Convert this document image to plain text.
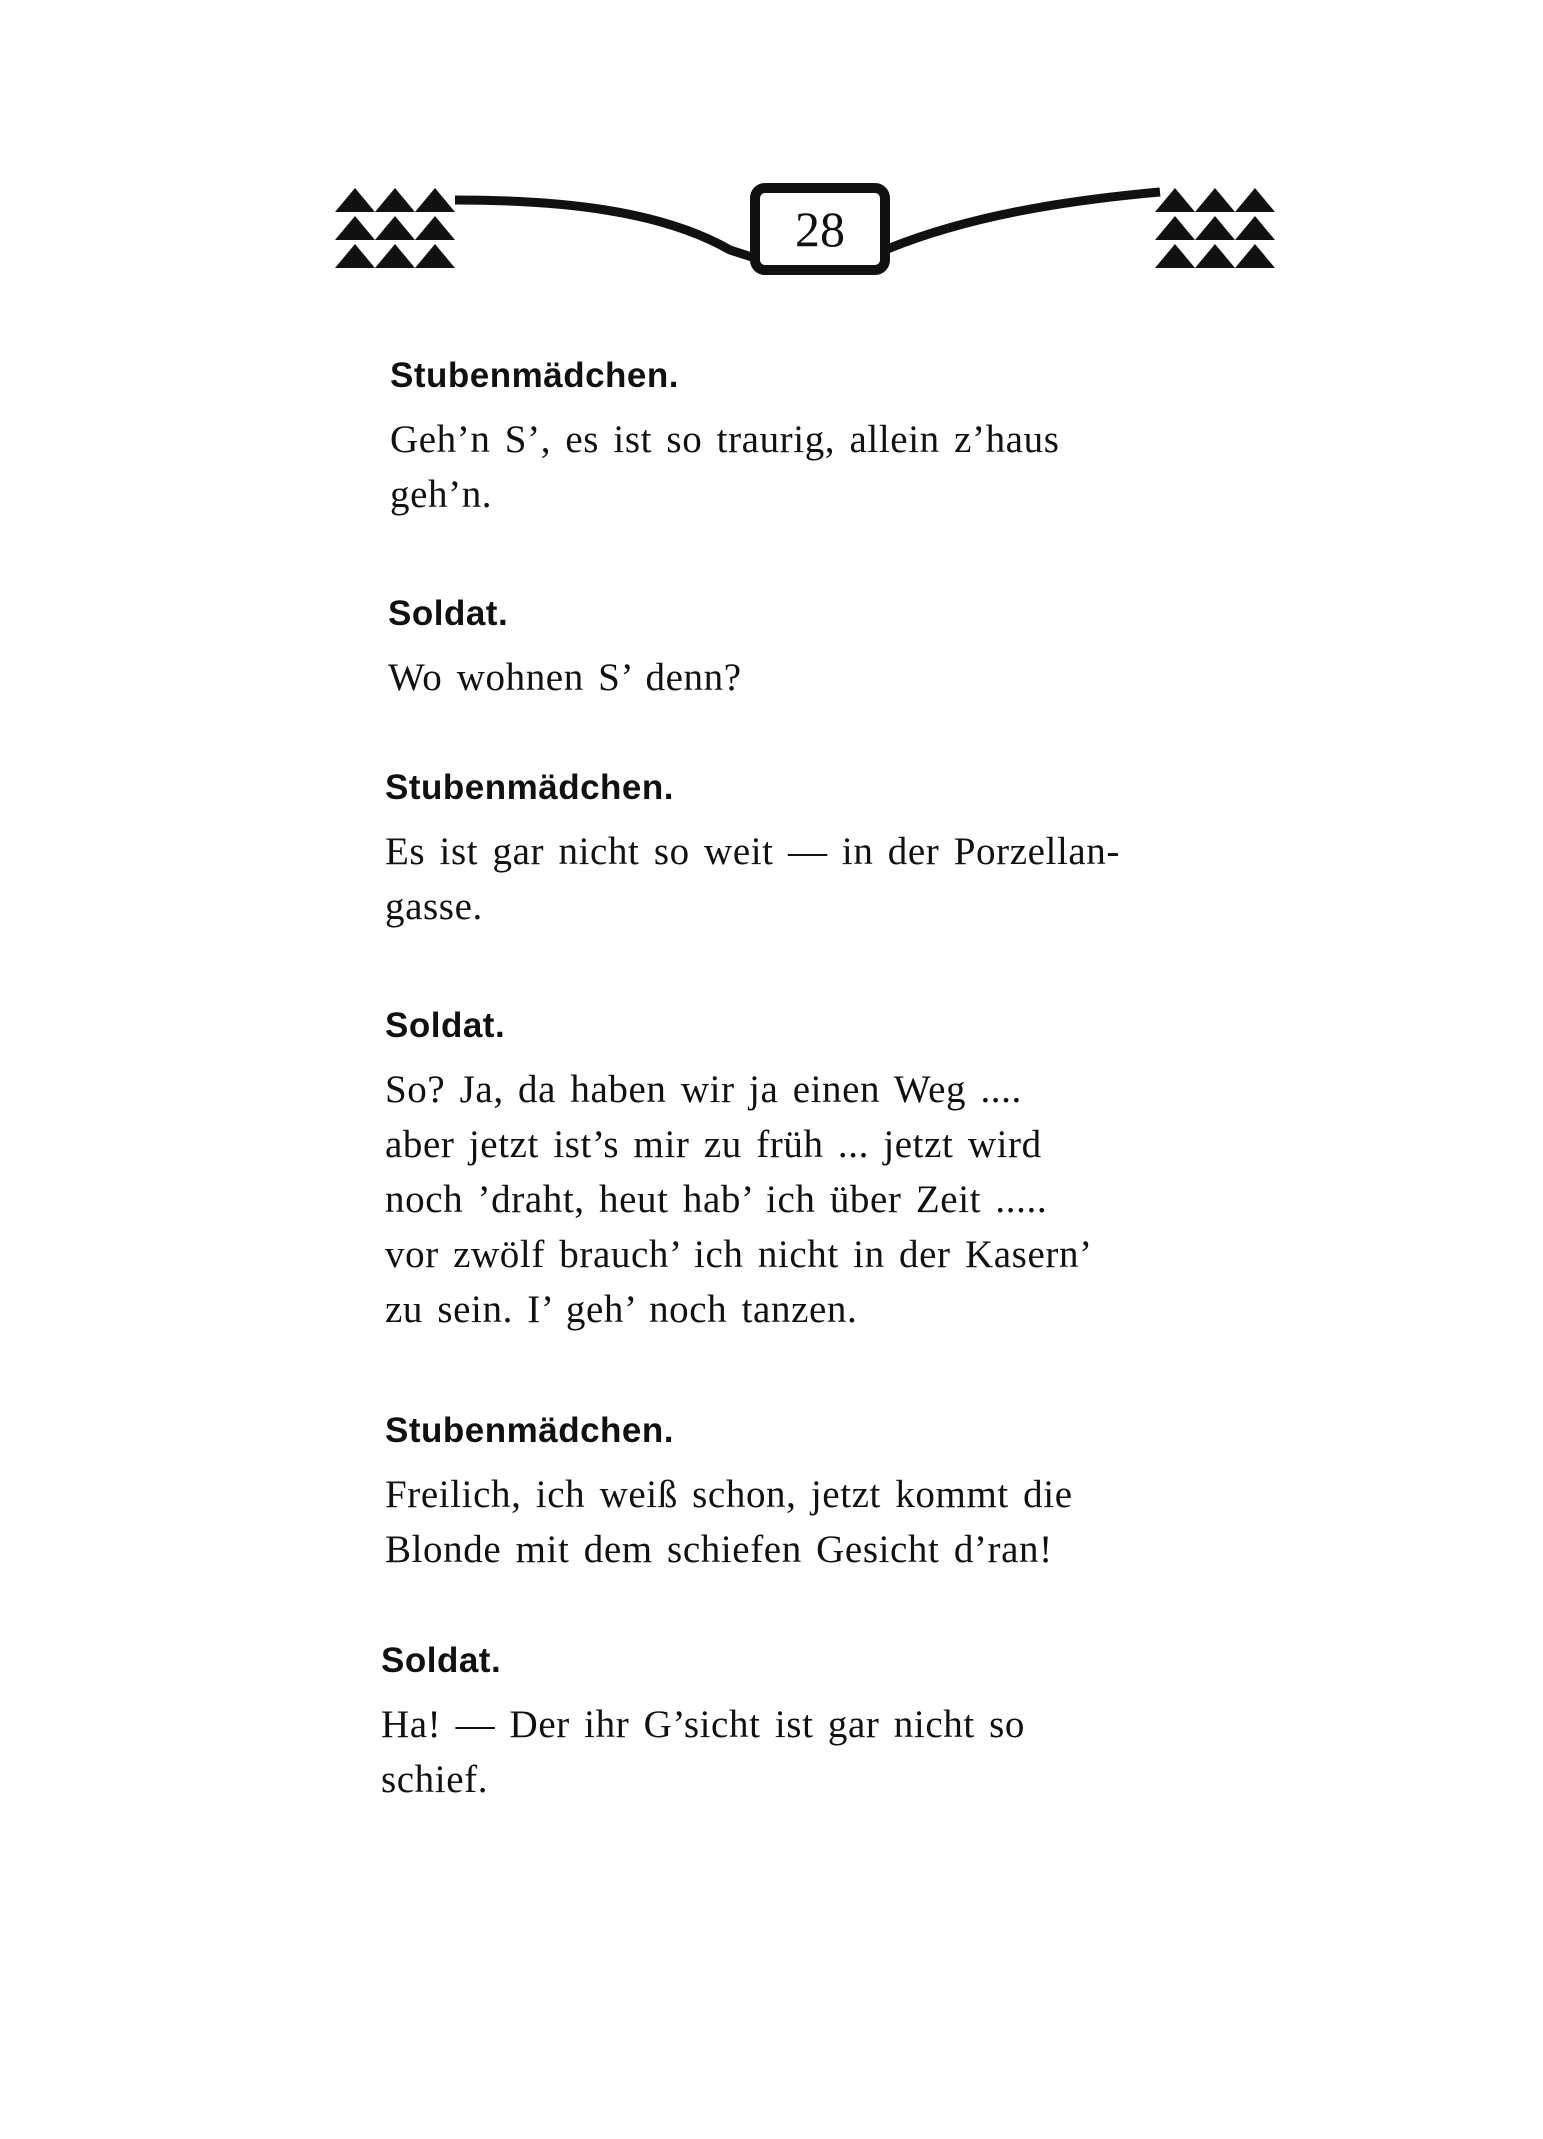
28

Stubenmädchen.

Geh’n S’, es ist so traurig, allein z’haus

geh’n.

Soldat.

Wo wohnen S’ denn?

Stubenmädchen.

Es ist gar nicht so weit — in der Porzellan-

gasse.

Soldat.

So? Ja, da haben wir ja einen Weg ....

aber jetzt ist’s mir zu früh ... jetzt wird

noch ’draht, heut hab’ ich über Zeit .....

vor zwölf brauch’ ich nicht in der Kasern’

zu sein. I’ geh’ noch tanzen.

Stubenmädchen.

Freilich, ich weiß schon, jetzt kommt die

Blonde mit dem schiefen Gesicht d’ran!

Soldat.

Ha! — Der ihr G’sicht ist gar nicht so

schief.
